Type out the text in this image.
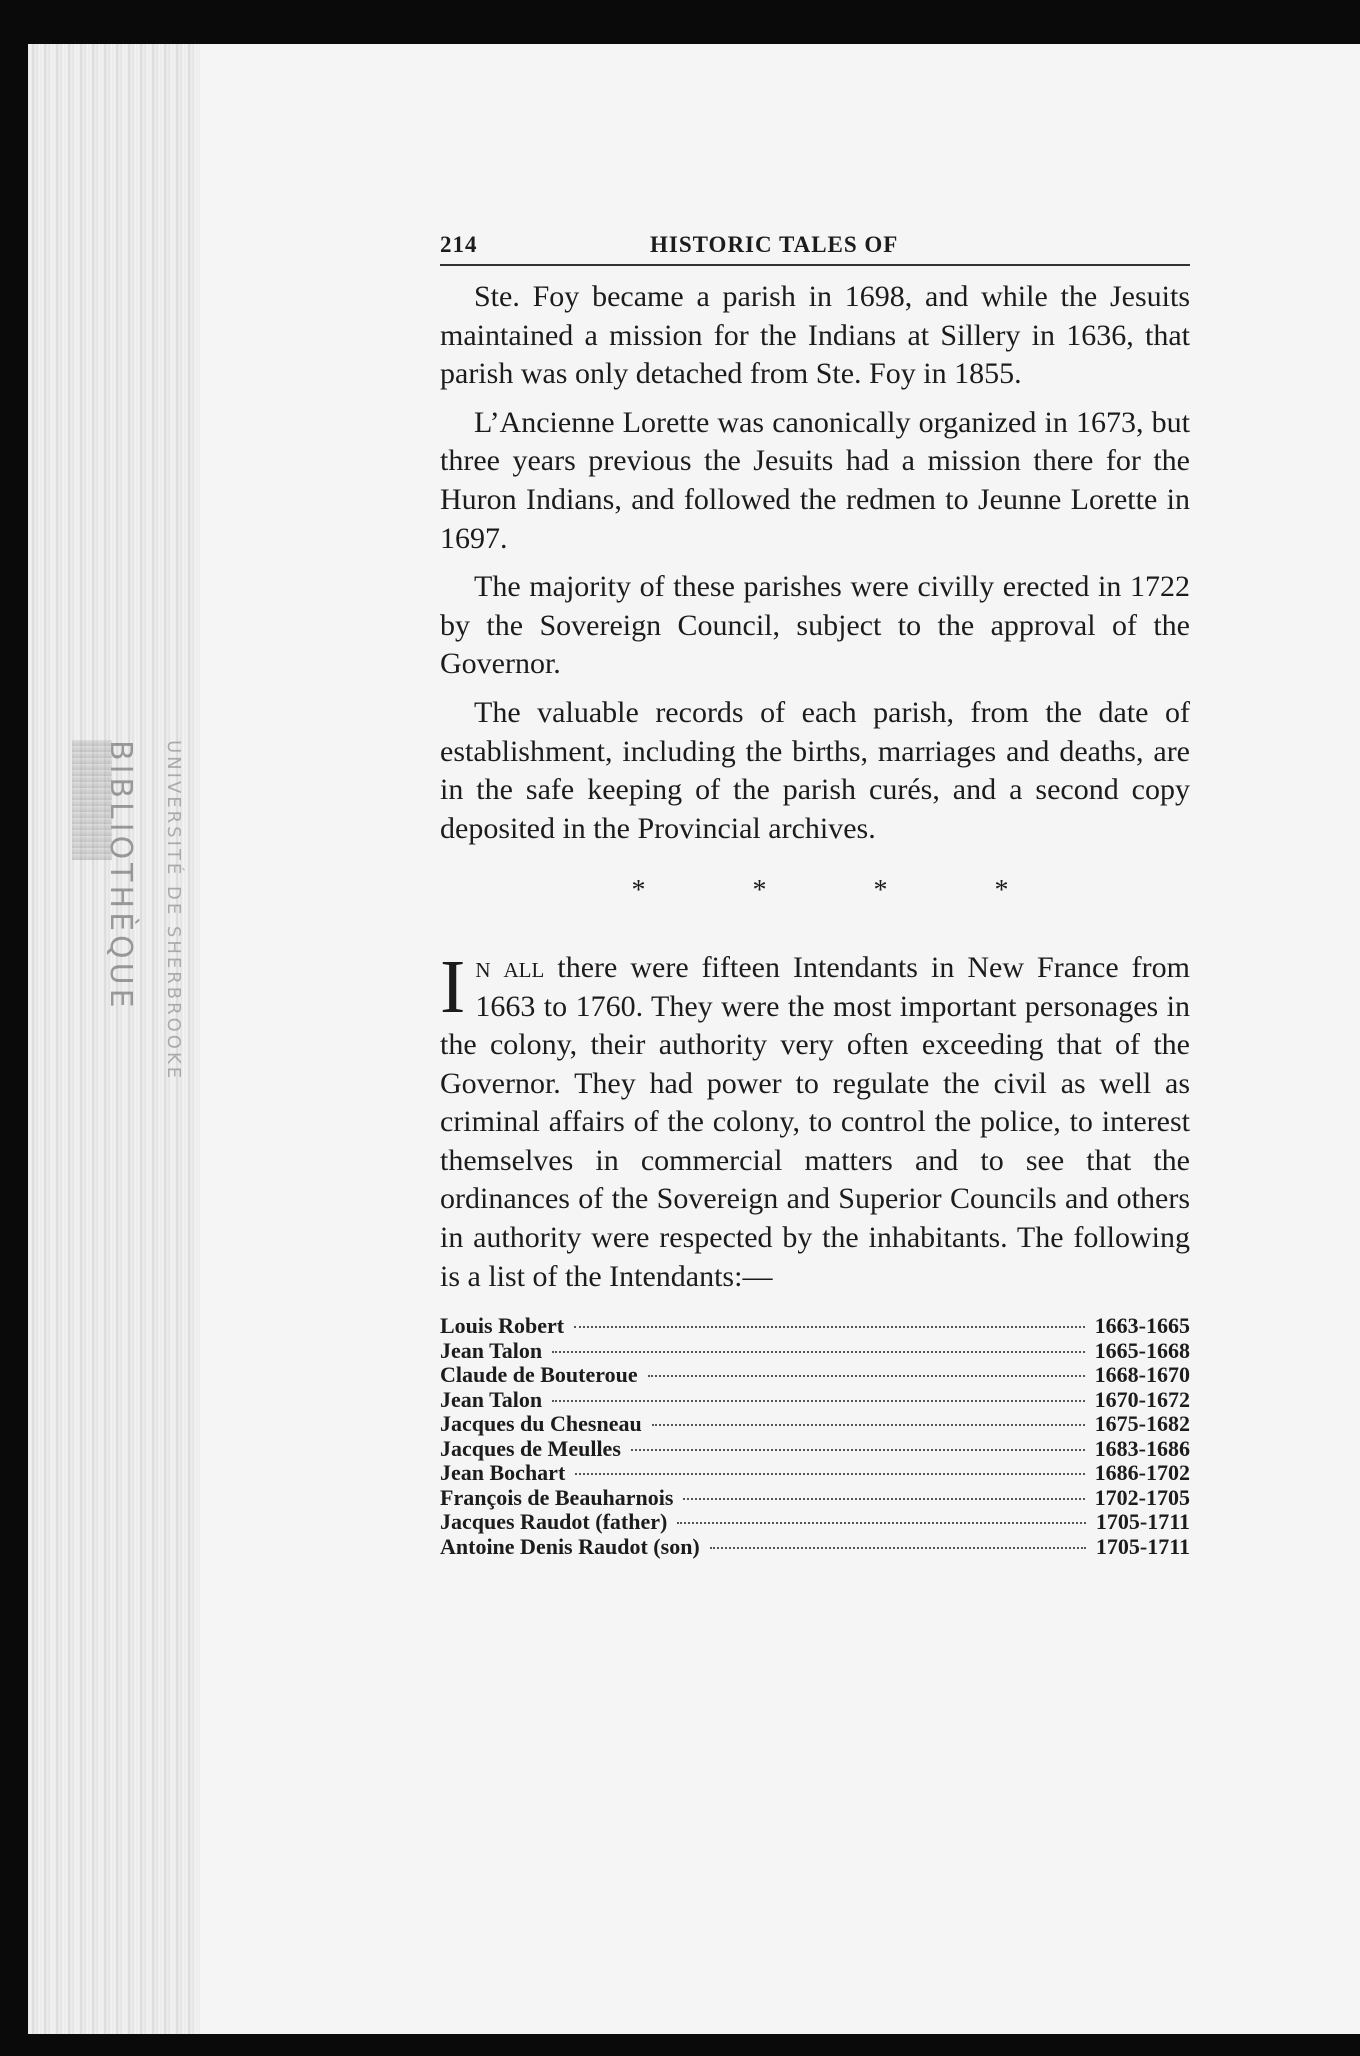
BIBLIOTHÈQUE UNIVERSITÉ DE SHERBROOKE
214	HISTORIC TALES OF

Ste. Foy became a parish in 1698, and while the Jesuits maintained a mission for the Indians at Sillery in 1636, that parish was only detached from Ste. Foy in 1855.

L’Ancienne Lorette was canonically organized in 1673, but three years previous the Jesuits had a mission there for the Huron Indians, and followed the redmen to Jeunne Lorette in 1697.

The majority of these parishes were civilly erected in 1722 by the Sovereign Council, subject to the approval of the Governor.

The valuable records of each parish, from the date of establishment, including the births, marriages and deaths, are in the safe keeping of the parish curés, and a second copy deposited in the Provincial archives.

* * * *

In all there were fifteen Intendants in New France from 1663 to 1760. They were the most important personages in the colony, their authority very often exceeding that of the Governor. They had power to regulate the civil as well as criminal affairs of the colony, to control the police, to interest themselves in commercial matters and to see that the ordinances of the Sovereign and Superior Councils and others in authority were respected by the inhabitants. The following is a list of the Intendants:—

Louis Robert	1663-1665
Jean Talon	1665-1668
Claude de Bouteroue	1668-1670
Jean Talon	1670-1672
Jacques du Chesneau	1675-1682
Jacques de Meulles	1683-1686
Jean Bochart	1686-1702
François de Beauharnois	1702-1705
Jacques Raudot (father)	1705-1711
Antoine Denis Raudot (son)	1705-1711
